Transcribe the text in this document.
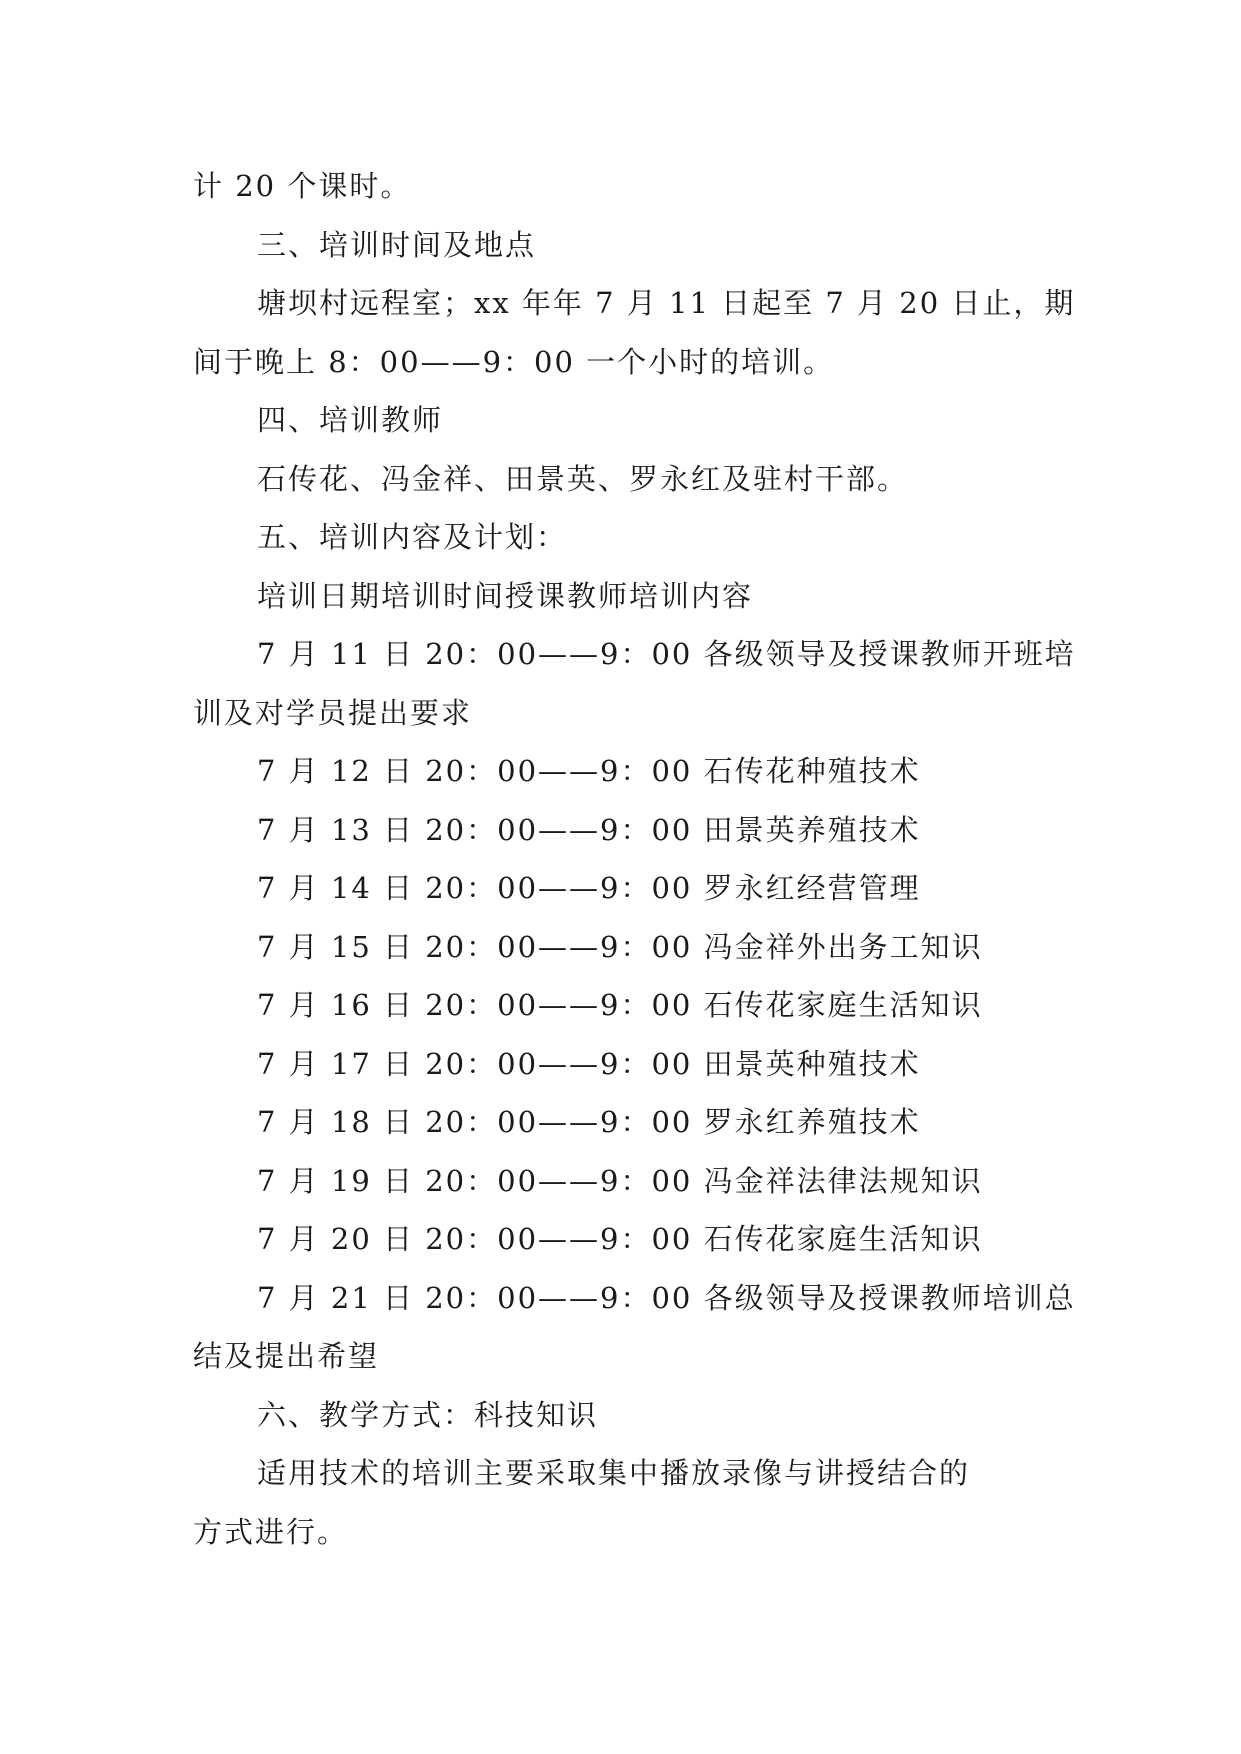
计 20 个课时。
三、培训时间及地点
塘坝村远程室；xx 年年 7 月 11 日起至 7 月 20 日止，期
间于晚上 8：00——9：00 一个小时的培训。
四、培训教师
石传花、冯金祥、田景英、罗永红及驻村干部。
五、培训内容及计划：
培训日期培训时间授课教师培训内容
7 月 11 日 20：00——9：00 各级领导及授课教师开班培
训及对学员提出要求
7 月 12 日 20：00——9：00 石传花种殖技术
7 月 13 日 20：00——9：00 田景英养殖技术
7 月 14 日 20：00——9：00 罗永红经营管理
7 月 15 日 20：00——9：00 冯金祥外出务工知识
7 月 16 日 20：00——9：00 石传花家庭生活知识
7 月 17 日 20：00——9：00 田景英种殖技术
7 月 18 日 20：00——9：00 罗永红养殖技术
7 月 19 日 20：00——9：00 冯金祥法律法规知识
7 月 20 日 20：00——9：00 石传花家庭生活知识
7 月 21 日 20：00——9：00 各级领导及授课教师培训总
结及提出希望
六、教学方式：科技知识
适用技术的培训主要采取集中播放录像与讲授结合的
方式进行。
